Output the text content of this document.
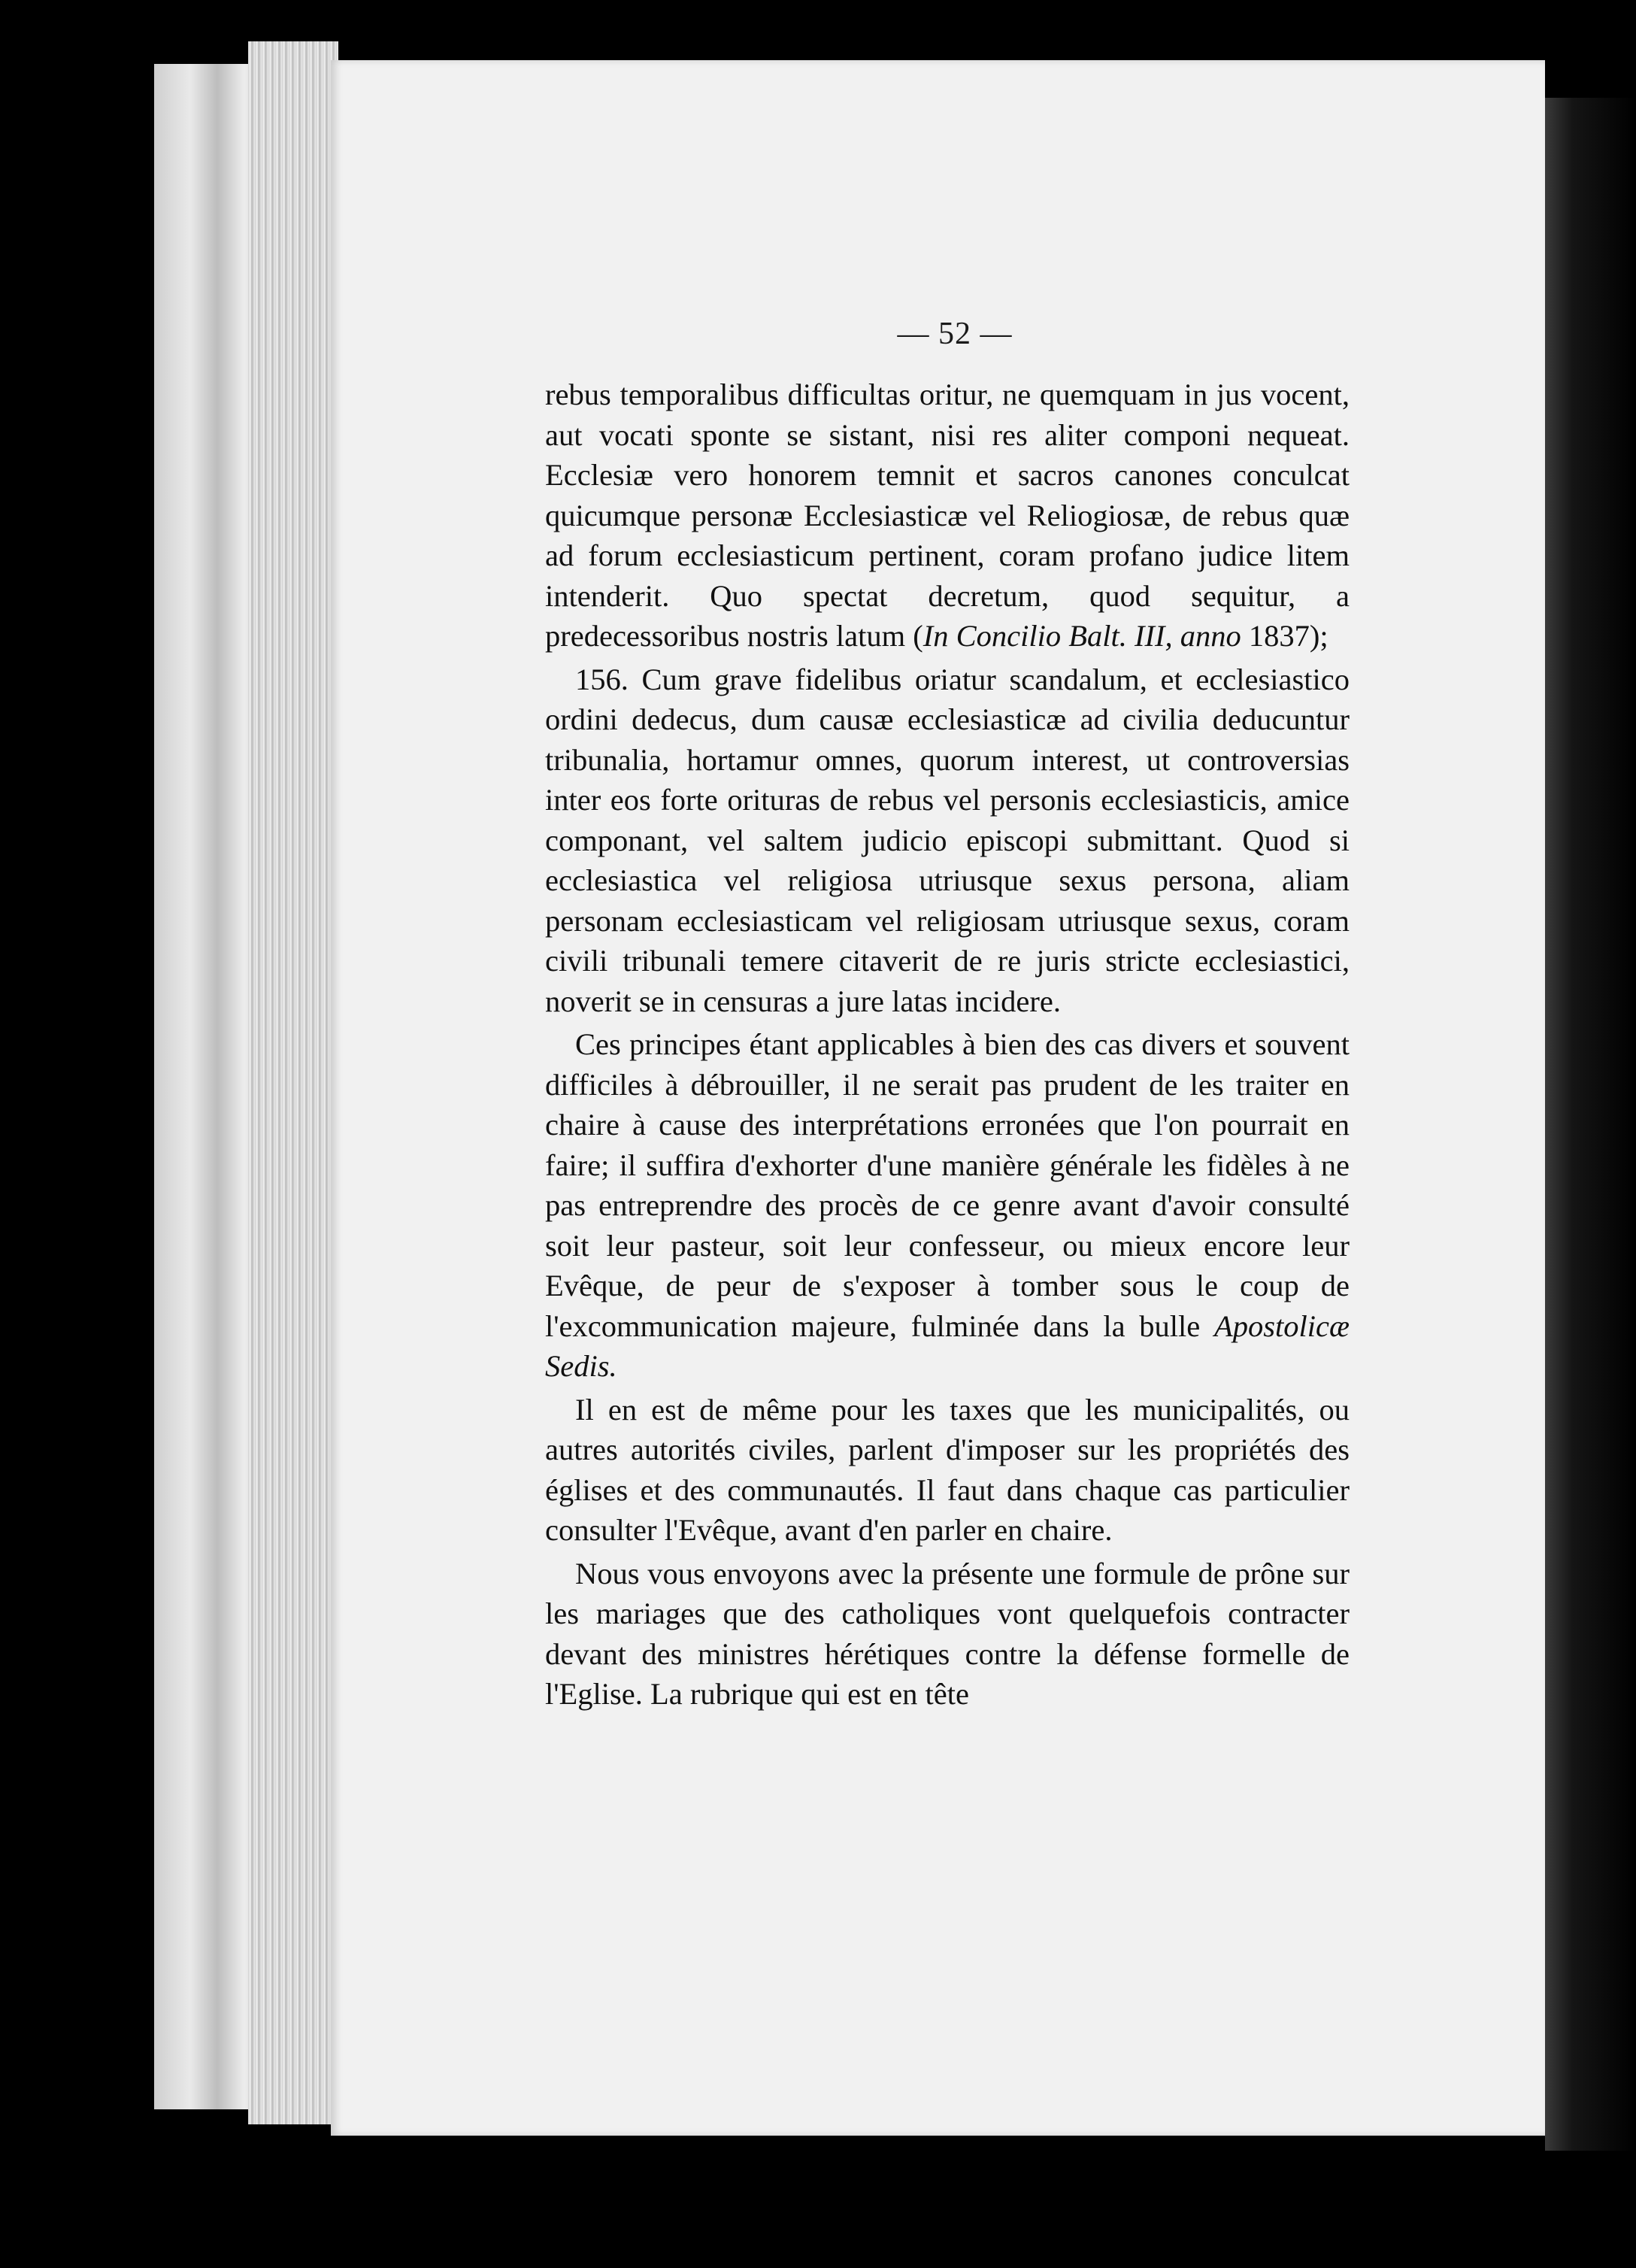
— 52 —

rebus temporalibus difficultas oritur, ne quemquam in jus vocent, aut vocati sponte se sistant, nisi res aliter componi nequeat. Ecclesiæ vero honorem temnit et sacros canones conculcat quicumque personæ Ecclesiasticæ vel Reliogiosæ, de rebus quæ ad forum ecclesiasticum pertinent, coram profano judice litem intenderit. Quo spectat decretum, quod sequitur, a predecessoribus nostris latum (In Concilio Balt. III, anno 1837);

156. Cum grave fidelibus oriatur scandalum, et ecclesiastico ordini dedecus, dum causæ ecclesiasticæ ad civilia deducuntur tribunalia, hortamur omnes, quorum interest, ut controversias inter eos forte orituras de rebus vel personis ecclesiasticis, amice componant, vel saltem judicio episcopi submittant. Quod si ecclesiastica vel religiosa utriusque sexus persona, aliam personam ecclesiasticam vel religiosam utriusque sexus, coram civili tribunali temere citaverit de re juris stricte ecclesiastici, noverit se in censuras a jure latas incidere.

Ces principes étant applicables à bien des cas divers et souvent difficiles à débrouiller, il ne serait pas prudent de les traiter en chaire à cause des interprétations erronées que l'on pourrait en faire; il suffira d'exhorter d'une manière générale les fidèles à ne pas entreprendre des procès de ce genre avant d'avoir consulté soit leur pasteur, soit leur confesseur, ou mieux encore leur Evêque, de peur de s'exposer à tomber sous le coup de l'excommunication majeure, fulminée dans la bulle Apostolicæ Sedis.

Il en est de même pour les taxes que les municipalités, ou autres autorités civiles, parlent d'imposer sur les propriétés des églises et des communautés. Il faut dans chaque cas particulier consulter l'Evêque, avant d'en parler en chaire.

Nous vous envoyons avec la présente une formule de prône sur les mariages que des catholiques vont quelquefois contracter devant des ministres hérétiques contre la défense formelle de l'Eglise. La rubrique qui est en tête
